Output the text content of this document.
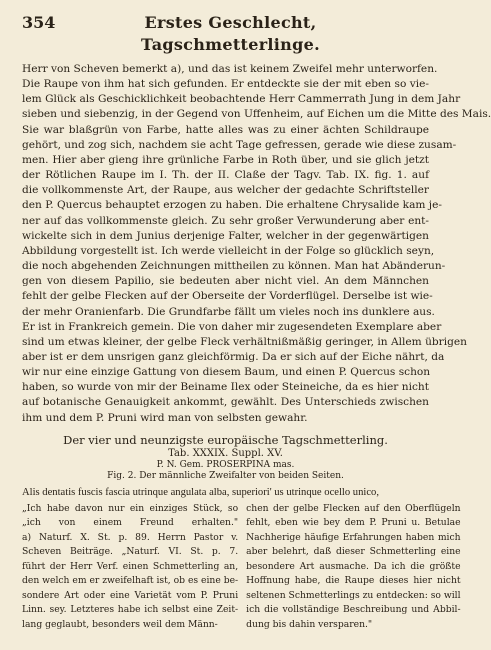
354	Erstes Geschlecht, Tagschmetterlinge.
Herr von Scheven bemerkt a), und das ist keinem Zweifel mehr unterworfen.
Die Raupe von ihm hat sich gefunden. Er entdeckte sie der mit eben so vie-
lem Glück als Geschicklichkeit beobachtende Herr Cammerrath Jung in dem Jahr
sieben und siebenzig, in der Gegend von Uffenheim, auf Eichen um die Mitte des Mais.
Sie war blaßgrün von Farbe, hatte alles was zu einer ächten Schildraupe
gehört, und zog sich, nachdem sie acht Tage gefressen, gerade wie diese zusam-
men. Hier aber gieng ihre grünliche Farbe in Roth über, und sie glich jetzt
der Rötlichen Raupe im I. Th. der II. Claße der Tagv. Tab. IX. fig. 1. auf
die vollkommenste Art, der Raupe, aus welcher der gedachte Schriftsteller
den P. Quercus behauptet erzogen zu haben. Die erhaltene Chrysalide kam je-
ner auf das vollkommenste gleich. Zu sehr großer Verwunderung aber ent-
wickelte sich in dem Junius derjenige Falter, welcher in der gegenwärtigen
Abbildung vorgestellt ist. Ich werde vielleicht in der Folge so glücklich seyn,
die noch abgehenden Zeichnungen mittheilen zu können. Man hat Abänderun-
gen von diesem Papilio, sie bedeuten aber nicht viel. An dem Männchen
fehlt der gelbe Flecken auf der Oberseite der Vorderflügel. Derselbe ist wie-
der mehr Oranienfarb. Die Grundfarbe fällt um vieles noch ins dunklere aus.
Er ist in Frankreich gemein. Die von daher mir zugesendeten Exemplare aber
sind um etwas kleiner, der gelbe Fleck verhältnißmäßig geringer, in Allem übrigen
aber ist er dem unsrigen ganz gleichförmig. Da er sich auf der Eiche nährt, da
wir nur eine einzige Gattung von diesem Baum, und einen P. Quercus schon
haben, so wurde von mir der Beiname Ilex oder Steineiche, da es hier nicht
auf botanische Genauigkeit ankommt, gewählt. Des Unterschieds zwischen
ihm und dem P. Pruni wird man von selbsten gewahr.
Der vier und neunzigste europäische Tagschmetterling.
Tab. XXXIX. Suppl. XV.
P. N. Gem. PROSERPINA mas.
Fig. 2. Der männliche Zweifalter von beiden Seiten.
Alis dentatis fuscis fascia utrinque angulata alba, superiori' us utrinque ocello unico,
„Ich habe davon nur ein einziges Stück, so
„ich von einem Freund erhalten."
a) Naturf. X. St. p. 89. Herrn Pastor v.
Scheven Beiträge. „Naturf. VI. St. p. 7.
führt der Herr Verf. einen Schmetterling an,
den welch em er zweifelhaft ist, ob es eine be-
sondere Art oder eine Varietät vom P. Pruni
Linn. sey. Letzteres habe ich selbst eine Zeit-
lang geglaubt, besonders weil dem Männ-
chen der gelbe Flecken auf den Oberflügeln
fehlt, eben wie bey dem P. Pruni u. Betulae
Nachherige häufige Erfahrungen haben mich
aber belehrt, daß dieser Schmetterling eine
besondere Art ausmache. Da ich die größte
Hoffnung habe, die Raupe dieses hier nicht
seltenen Schmetterlings zu entdecken: so will
ich die vollständige Beschreibung und Abbil-
dung bis dahin versparen."
